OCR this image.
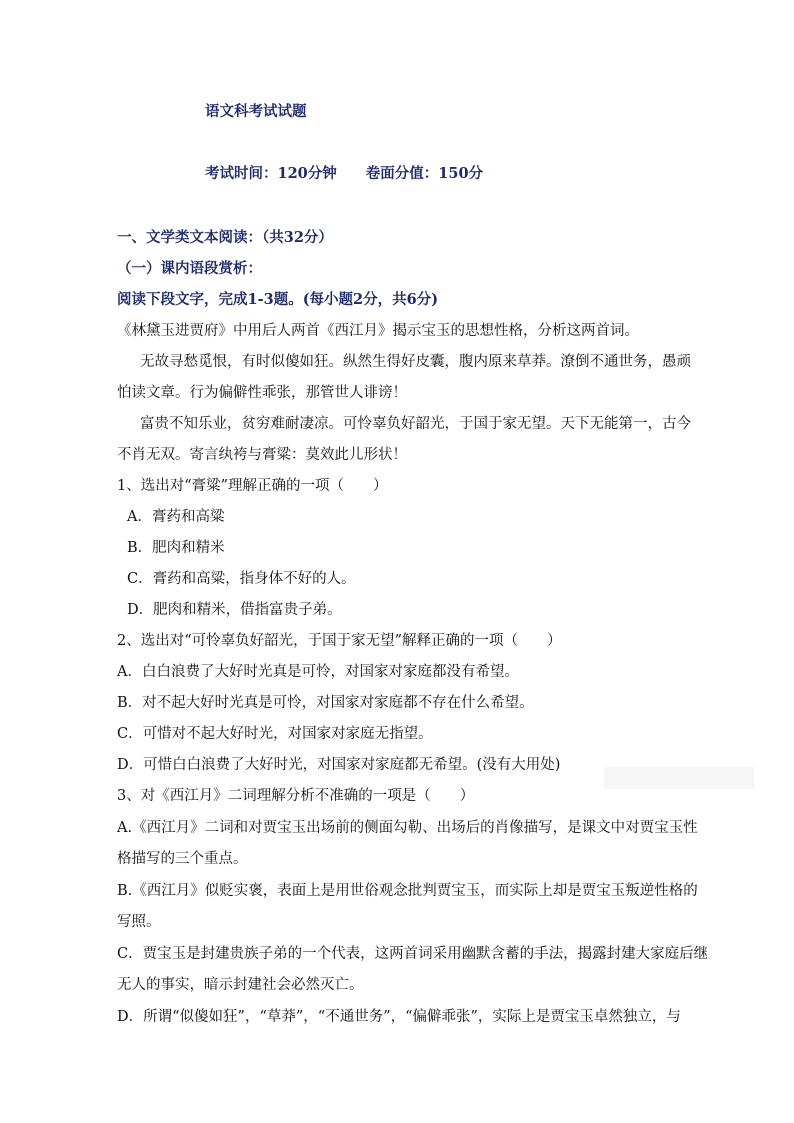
语文科考试试题
考试时间：120分钟　　卷面分值：150分
一、文学类文本阅读：（共32分）
（一）课内语段赏析：
阅读下段文字，完成1-3题。(每小题2分，共6分)
《林黛玉进贾府》中用后人两首《西江月》揭示宝玉的思想性格，分析这两首词。
无故寻愁觅恨，有时似傻如狂。纵然生得好皮囊，腹内原来草莽。潦倒不通世务，愚顽
怕读文章。行为偏僻性乖张，那管世人诽谤！
富贵不知乐业，贫穷难耐凄凉。可怜辜负好韶光，于国于家无望。天下无能第一，古今
不肖无双。寄言纨袴与膏粱：莫效此儿形状！
1、选出对“膏粱”理解正确的一项（　　）
A．膏药和高粱
B．肥肉和精米
C．膏药和高粱，指身体不好的人。
D．肥肉和精米，借指富贵子弟。
2、选出对“可怜辜负好韶光，于国于家无望”解释正确的一项（　　）
A．白白浪费了大好时光真是可怜，对国家对家庭都没有希望。
B．对不起大好时光真是可怜，对国家对家庭都不存在什么希望。
C．可惜对不起大好时光，对国家对家庭无指望。
D．可惜白白浪费了大好时光，对国家对家庭都无希望。(没有大用处)
3、对《西江月》二词理解分析不准确的一项是（　　）
A.《西江月》二词和对贾宝玉出场前的侧面勾勒、出场后的肖像描写，是课文中对贾宝玉性
格描写的三个重点。
B.《西江月》似贬实褒，表面上是用世俗观念批判贾宝玉，而实际上却是贾宝玉叛逆性格的
写照。
C．贾宝玉是封建贵族子弟的一个代表，这两首词采用幽默含蓄的手法，揭露封建大家庭后继
无人的事实，暗示封建社会必然灭亡。
D．所谓“似傻如狂”，“草莽”，“不通世务”，“偏僻乖张”，实际上是贾宝玉卓然独立，与
